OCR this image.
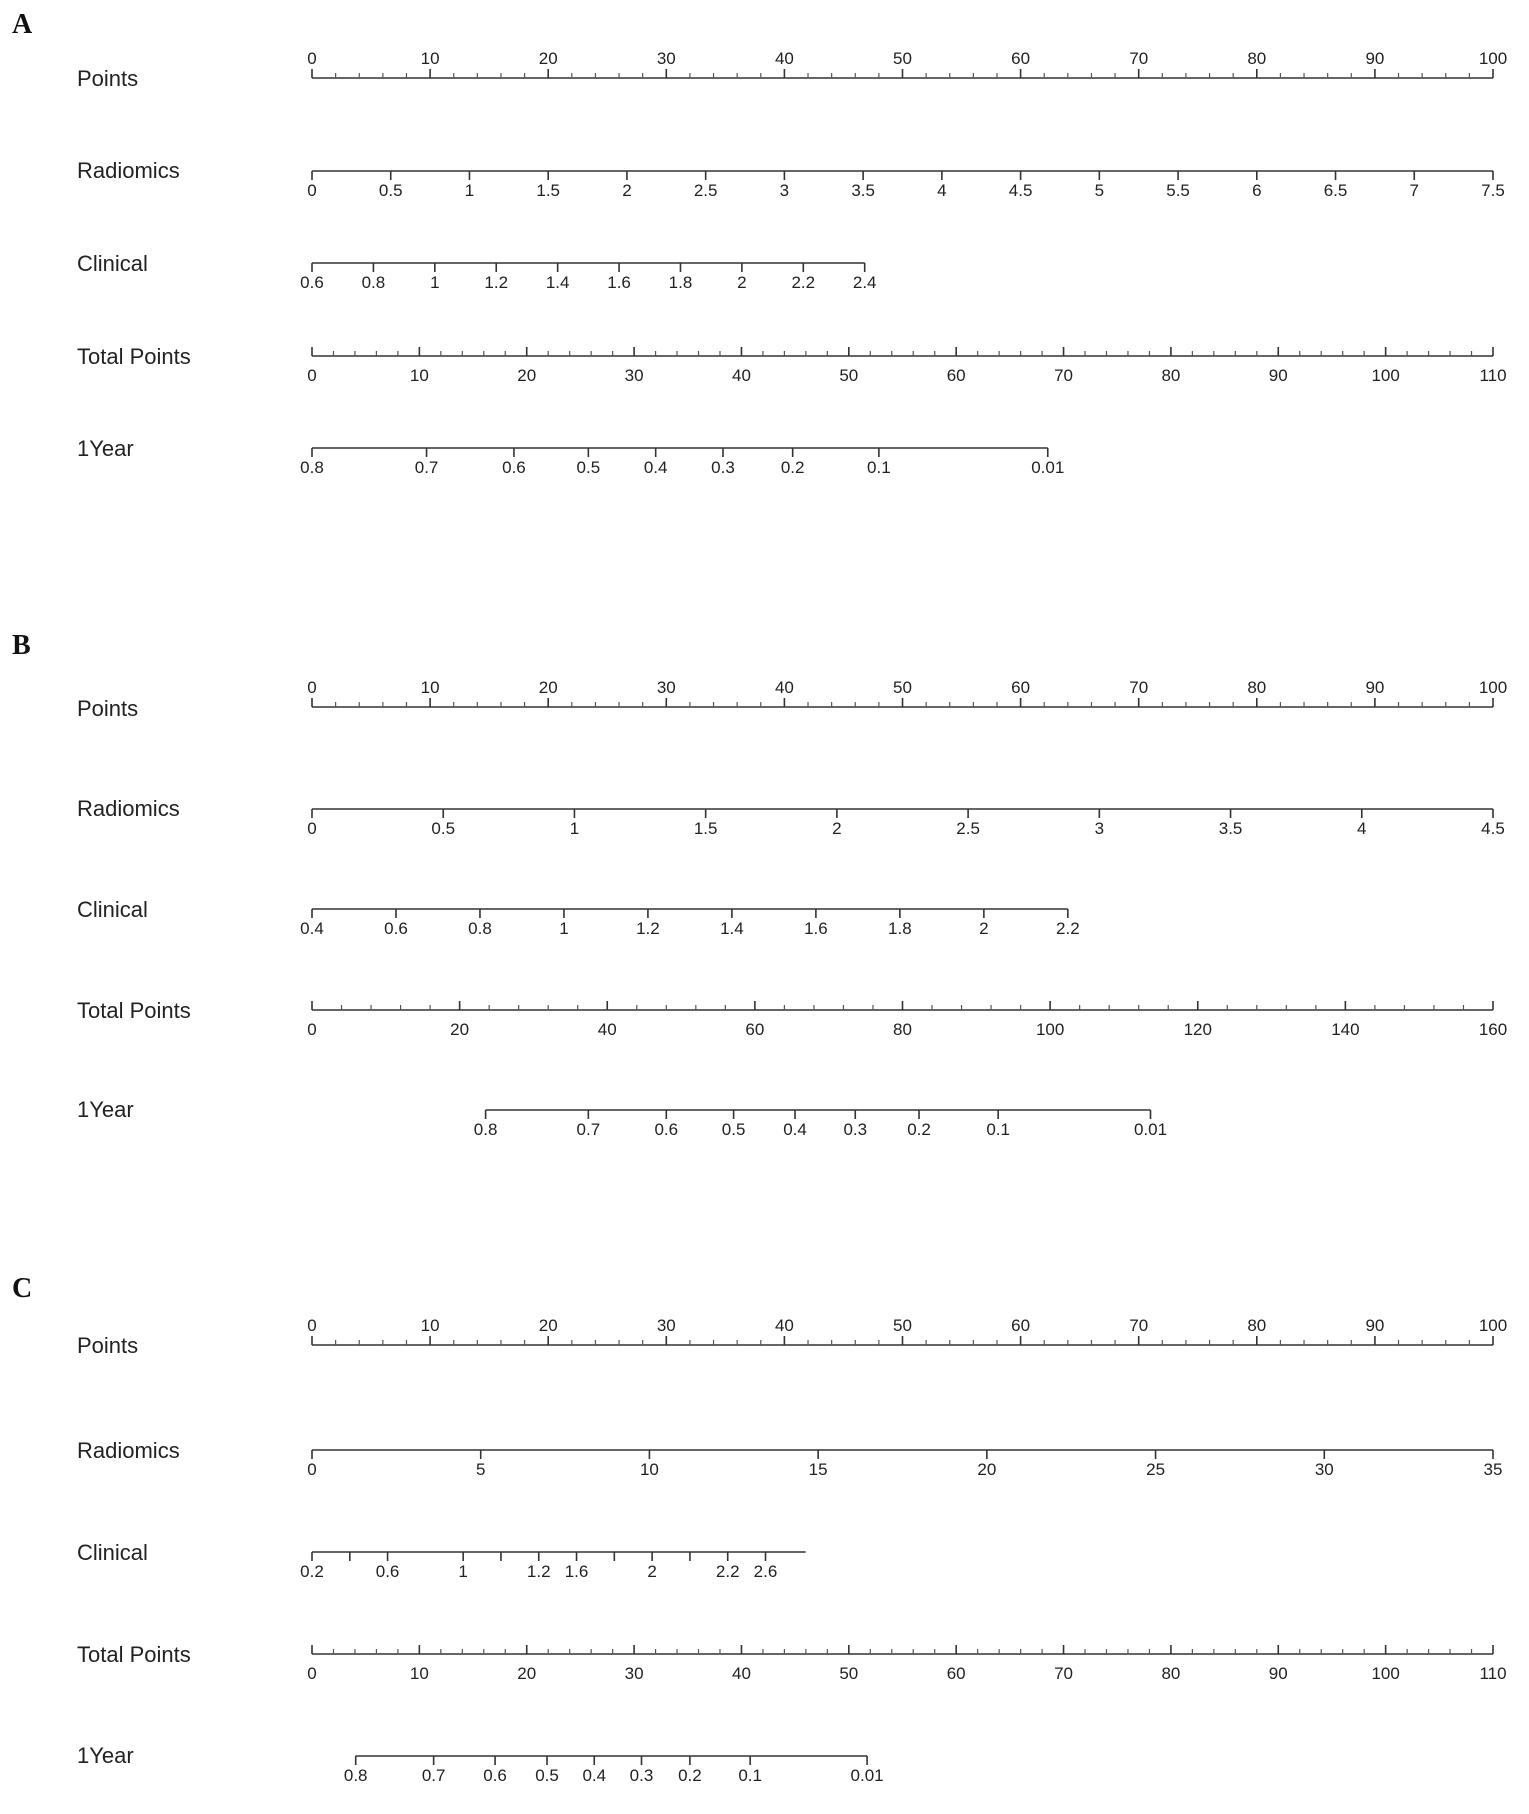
A
Points
0	10	20	30	40	50	60	70	80	90	100
Radiomics
0	0.5	1	1.5	2	2.5	3	3.5	4	4.5	5	5.5	6	6.5	7	7.5
Clinical
0.6 0.8	1	1.2 1.4 1.6 1.8	2	2.2 2.4
Total Points
0	10	20	30	40	50	60	70	80	90	100	110
1Year
0.8	0.7	0.6	0.5	0.4	0.3	0.2	0.1	0.01
B
Points
0	10	20	30	40	50	60	70	80	90	100
Radiomics
0	0.5	1	1.5	2	2.5	3	3.5	4	4.5
Clinical
0.4	0.6	0.8	1	1.2	1.4	1.6	1.8	2	2.2
Total Points
0	20	40	60	80	100	120	140	160
1Year
0.8	0.7	0.6	0.5 0.4 0.3 0.2	0.1	0.01
C
Points
0	10	20	30	40	50	60	70	80	90	100
Radiomics
0	5	10	15	20	25	30	35
Clinical
0.2	0.6	1	1.2 1.6	2	2.2 2.6
Total Points
0	10	20	30	40	50	60	70	80	90	100	110
1Year
0.8	0.7 0.6 0.5 0.4 0.3 0.2 0.1	0.01
